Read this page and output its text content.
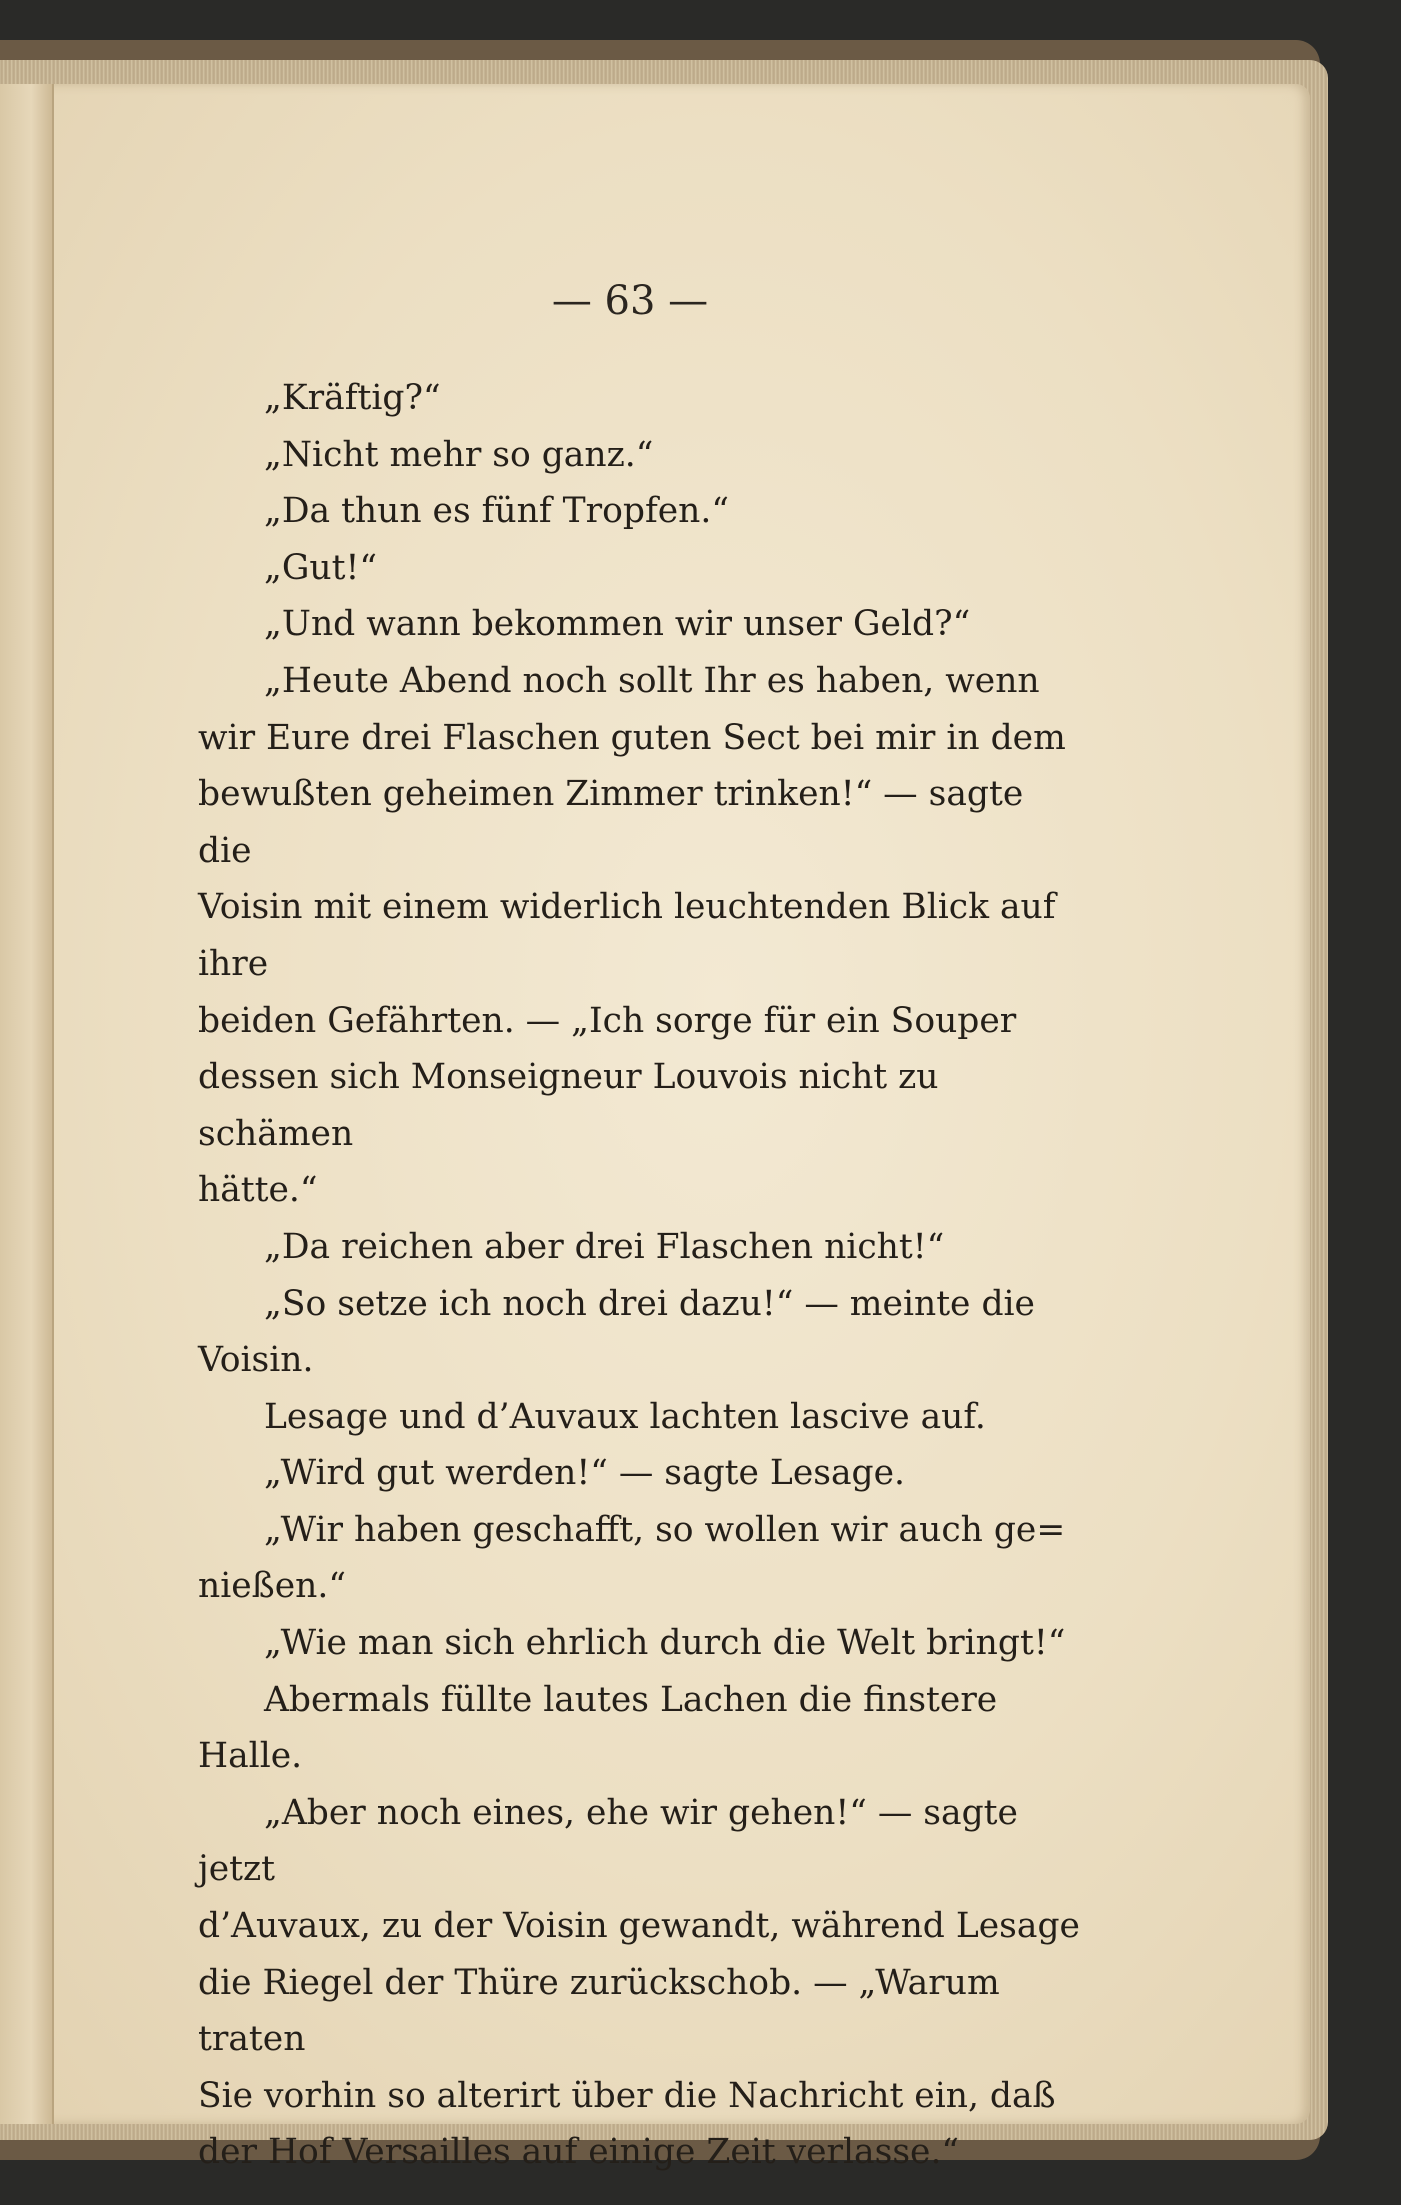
— 63 —

„Kräftig?“

„Nicht mehr so ganz.“

„Da thun es fünf Tropfen.“

„Gut!“

„Und wann bekommen wir unser Geld?“

„Heute Abend noch sollt Ihr es haben, wenn

wir Eure drei Flaschen guten Sect bei mir in dem

bewußten geheimen Zimmer trinken!“ — sagte die

Voisin mit einem widerlich leuchtenden Blick auf ihre

beiden Gefährten. — „Ich sorge für ein Souper

dessen sich Monseigneur Louvois nicht zu schämen

hätte.“

„Da reichen aber drei Flaschen nicht!“

„So setze ich noch drei dazu!“ — meinte die

Voisin.

Lesage und d’Auvaux lachten lascive auf.

„Wird gut werden!“ — sagte Lesage.

„Wir haben geschafft, so wollen wir auch ge=

nießen.“

„Wie man sich ehrlich durch die Welt bringt!“

Abermals füllte lautes Lachen die finstere Halle.

„Aber noch eines, ehe wir gehen!“ — sagte jetzt

d’Auvaux, zu der Voisin gewandt, während Lesage

die Riegel der Thüre zurückschob. — „Warum traten

Sie vorhin so alterirt über die Nachricht ein, daß

der Hof Versailles auf einige Zeit verlasse.“
